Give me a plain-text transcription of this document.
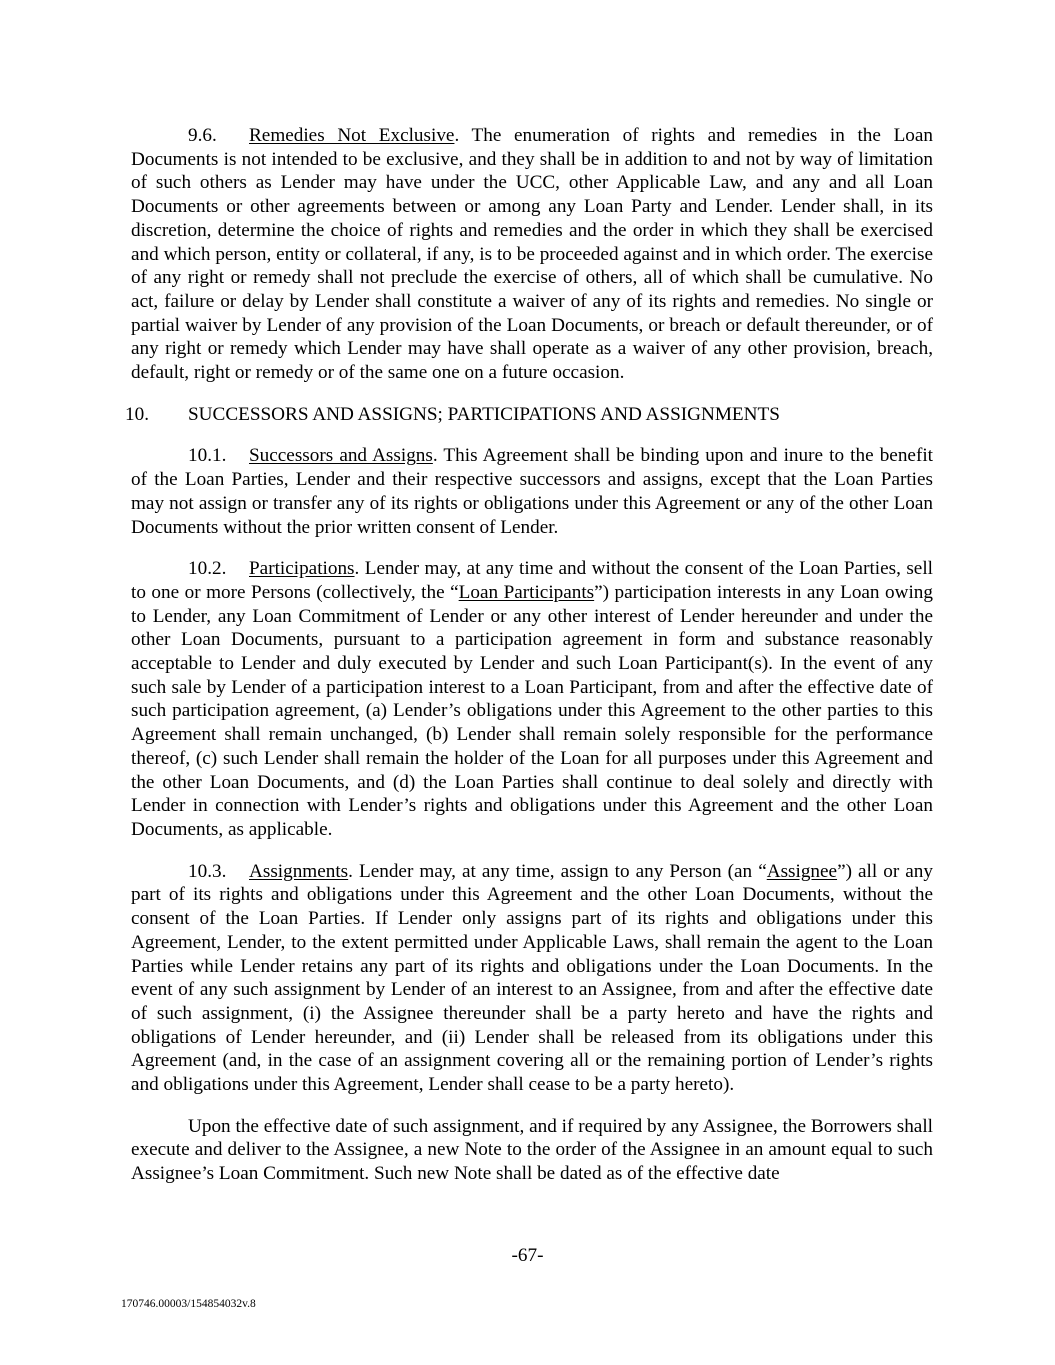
9.6. Remedies Not Exclusive. The enumeration of rights and remedies in the Loan Documents is not intended to be exclusive, and they shall be in addition to and not by way of limitation of such others as Lender may have under the UCC, other Applicable Law, and any and all Loan Documents or other agreements between or among any Loan Party and Lender. Lender shall, in its discretion, determine the choice of rights and remedies and the order in which they shall be exercised and which person, entity or collateral, if any, is to be proceeded against and in which order. The exercise of any right or remedy shall not preclude the exercise of others, all of which shall be cumulative. No act, failure or delay by Lender shall constitute a waiver of any of its rights and remedies. No single or partial waiver by Lender of any provision of the Loan Documents, or breach or default thereunder, or of any right or remedy which Lender may have shall operate as a waiver of any other provision, breach, default, right or remedy or of the same one on a future occasion.

10. SUCCESSORS AND ASSIGNS; PARTICIPATIONS AND ASSIGNMENTS

10.1. Successors and Assigns. This Agreement shall be binding upon and inure to the benefit of the Loan Parties, Lender and their respective successors and assigns, except that the Loan Parties may not assign or transfer any of its rights or obligations under this Agreement or any of the other Loan Documents without the prior written consent of Lender.

10.2. Participations. Lender may, at any time and without the consent of the Loan Parties, sell to one or more Persons (collectively, the “Loan Participants”) participation interests in any Loan owing to Lender, any Loan Commitment of Lender or any other interest of Lender hereunder and under the other Loan Documents, pursuant to a participation agreement in form and substance reasonably acceptable to Lender and duly executed by Lender and such Loan Participant(s). In the event of any such sale by Lender of a participation interest to a Loan Participant, from and after the effective date of such participation agreement, (a) Lender’s obligations under this Agreement to the other parties to this Agreement shall remain unchanged, (b) Lender shall remain solely responsible for the performance thereof, (c) such Lender shall remain the holder of the Loan for all purposes under this Agreement and the other Loan Documents, and (d) the Loan Parties shall continue to deal solely and directly with Lender in connection with Lender’s rights and obligations under this Agreement and the other Loan Documents, as applicable.

10.3. Assignments. Lender may, at any time, assign to any Person (an “Assignee”) all or any part of its rights and obligations under this Agreement and the other Loan Documents, without the consent of the Loan Parties. If Lender only assigns part of its rights and obligations under this Agreement, Lender, to the extent permitted under Applicable Laws, shall remain the agent to the Loan Parties while Lender retains any part of its rights and obligations under the Loan Documents. In the event of any such assignment by Lender of an interest to an Assignee, from and after the effective date of such assignment, (i) the Assignee thereunder shall be a party hereto and have the rights and obligations of Lender hereunder, and (ii) Lender shall be released from its obligations under this Agreement (and, in the case of an assignment covering all or the remaining portion of Lender’s rights and obligations under this Agreement, Lender shall cease to be a party hereto).

Upon the effective date of such assignment, and if required by any Assignee, the Borrowers shall execute and deliver to the Assignee, a new Note to the order of the Assignee in an amount equal to such Assignee’s Loan Commitment. Such new Note shall be dated as of the effective date

-67-
170746.00003/154854032v.8
